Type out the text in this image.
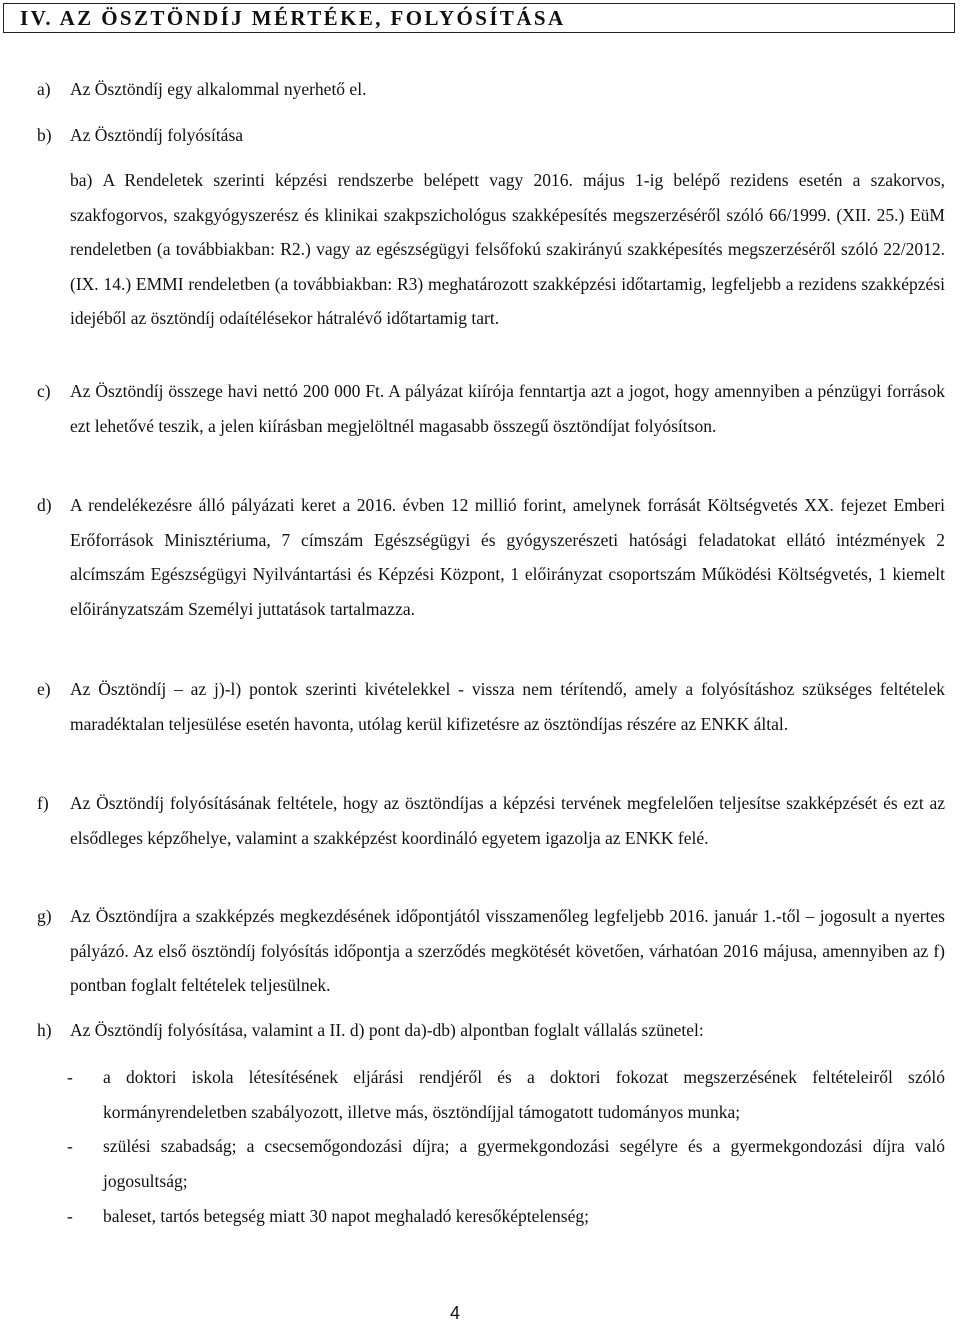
IV. AZ ÖSZTÖNDÍJ MÉRTÉKE, FOLYÓSÍTÁSA
a) Az Ösztöndíj egy alkalommal nyerhető el.
b) Az Ösztöndíj folyósítása
ba) A Rendeletek szerinti képzési rendszerbe belépett vagy 2016. május 1-ig belépő rezidens esetén a szakorvos, szakfogorvos, szakgyógyszerész és klinikai szakpszichológus szakképesítés megszerzéséről szóló 66/1999. (XII. 25.) EüM rendeletben (a továbbiakban: R2.) vagy az egészségügyi felsőfokú szakirányú szakképesítés megszerzéséről szóló 22/2012. (IX. 14.) EMMI rendeletben (a továbbiakban: R3) meghatározott szakképzési időtartamig, legfeljebb a rezidens szakképzési idejéből az ösztöndíj odaítélésekor hátralévő időtartamig tart.
c) Az Ösztöndíj összege havi nettó 200 000 Ft. A pályázat kiírója fenntartja azt a jogot, hogy amennyiben a pénzügyi források ezt lehetővé teszik, a jelen kiírásban megjelöltnél magasabb összegű ösztöndíjat folyósítson.
d) A rendelékezésre álló pályázati keret a 2016. évben 12 millió forint, amelynek forrását Költségvetés XX. fejezet Emberi Erőforrások Minisztériuma, 7 címszám Egészségügyi és gyógyszerészeti hatósági feladatokat ellátó intézmények 2 alcímszám Egészségügyi Nyilvántartási és Képzési Központ, 1 előirányzat csoportszám Működési Költségvetés, 1 kiemelt előirányzatszám Személyi juttatások tartalmazza.
e) Az Ösztöndíj – az j)-l) pontok szerinti kivételekkel - vissza nem térítendő, amely a folyósításhoz szükséges feltételek maradéktalan teljesülése esetén havonta, utólag kerül kifizetésre az ösztöndíjas részére az ENKK által.
f) Az Ösztöndíj folyósításának feltétele, hogy az ösztöndíjas a képzési tervének megfelelően teljesítse szakképzését és ezt az elsődleges képzőhelye, valamint a szakképzést koordináló egyetem igazolja az ENKK felé.
g) Az Ösztöndíjra a szakképzés megkezdésének időpontjától visszamenőleg legfeljebb 2016. január 1.-től – jogosult a nyertes pályázó. Az első ösztöndíj folyósítás időpontja a szerződés megkötését követően, várhatóan 2016 májusa, amennyiben az f) pontban foglalt feltételek teljesülnek.
h) Az Ösztöndíj folyósítása, valamint a II. d) pont da)-db) alpontban foglalt vállalás szünetel:
- a doktori iskola létesítésének eljárási rendjéről és a doktori fokozat megszerzésének feltételeiről szóló kormányrendeletben szabályozott, illetve más, ösztöndíjjal támogatott tudományos munka;
- szülési szabadság; a csecsemőgondozási díjra; a gyermekgondozási segélyre és a gyermekgondozási díjra való jogosultság;
- baleset, tartós betegség miatt 30 napot meghaladó keresőképtelenség;
4
